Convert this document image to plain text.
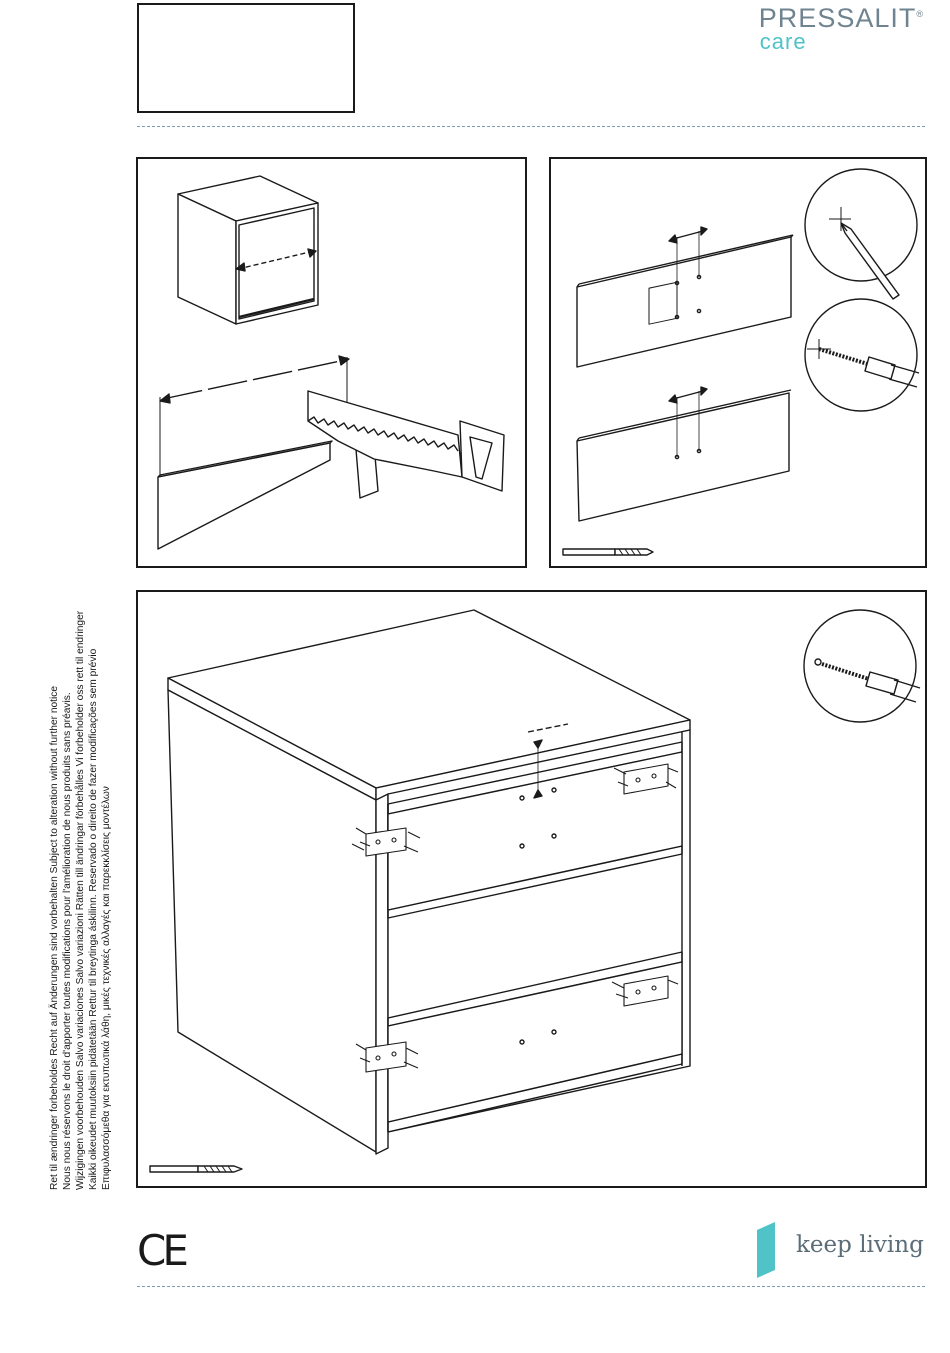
PRESSALIT®
care
Ret til ændringer forbeholdes Recht auf Änderungen sind vorbehalten Subject to alteration without further notice Nous nous réservons le droit d'apporter toutes modifications pour l'amélioration de nous produits sans préavis. Wijzigingen voorbehouden Salvo variaciones Salvo variazioni Rätten till ändringar förbehålles Vi forbeholder oss rett til endringer Kaikki oikeudet muutoksiin pidätetään Rettur til breytinga áskilinn. Reservado o direito de fazer modificações sem prévio Επιφυλασσόμεθα για εκτυπωτικά λάθη, μικές τεχνικές αλλαγές και παρεκκλίσεις μοντέλων
CE	keep living
